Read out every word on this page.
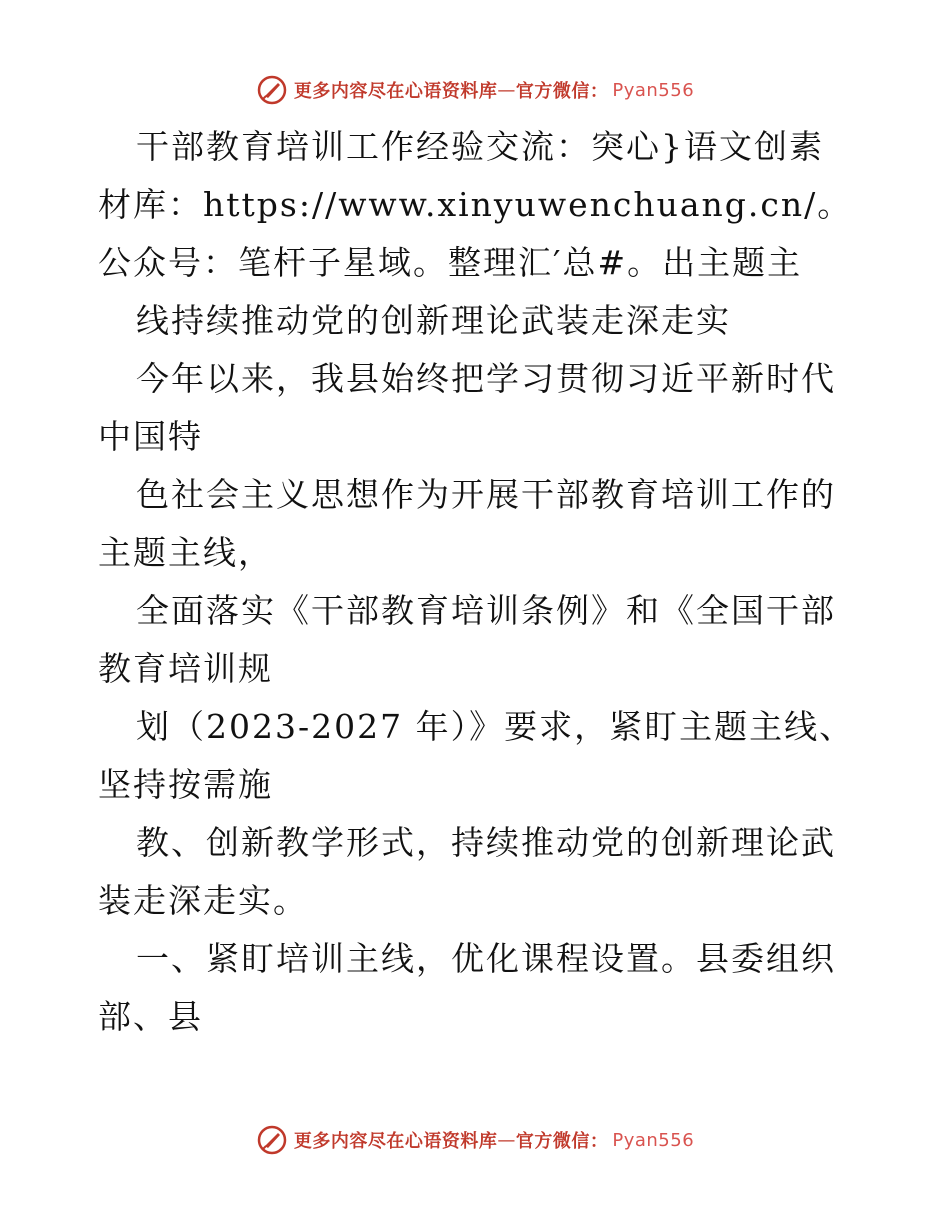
更多内容尽在心语资料库 — 官方微信： Pyan556

干部教育培训工作经验交流：突心}语文创素材库：https://www.xinyuwenchuang.cn/。公众号：笔杆子星域。整理汇′总#。出主题主

线持续推动党的创新理论武装走深走实

今年以来，我县始终把学习贯彻习近平新时代中国特

色社会主义思想作为开展干部教育培训工作的主题主线，

全面落实《干部教育培训条例》和《全国干部教育培训规

划（2023-2027 年）》要求，紧盯主题主线、坚持按需施

教、创新教学形式，持续推动党的创新理论武装走深走实。

一、紧盯培训主线，优化课程设置。县委组织部、县

更多内容尽在心语资料库 — 官方微信： Pyan556
